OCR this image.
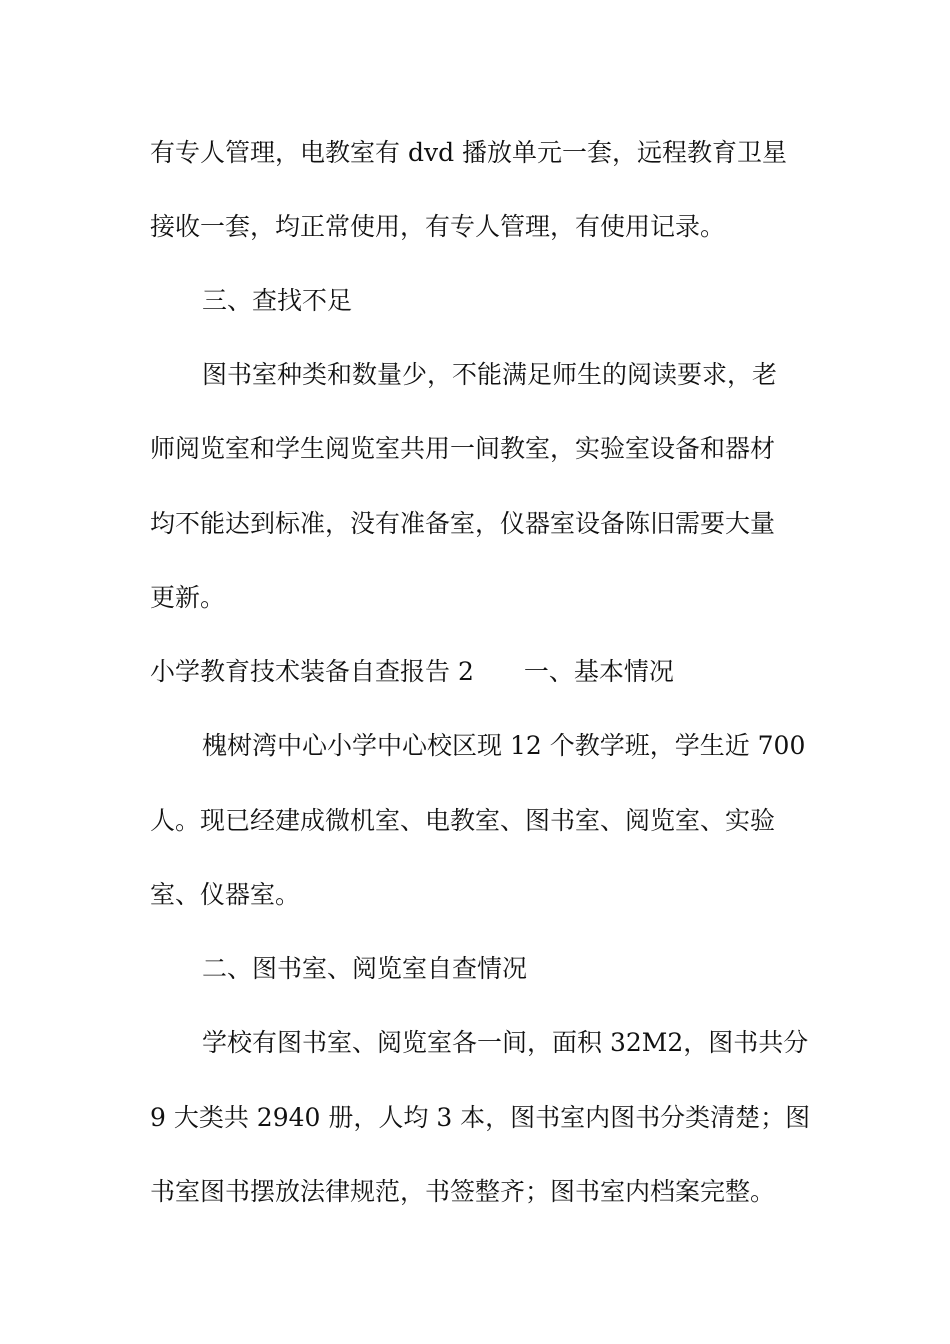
有专人管理，电教室有 dvd 播放单元一套，远程教育卫星
接收一套，均正常使用，有专人管理，有使用记录。
三、查找不足
图书室种类和数量少，不能满足师生的阅读要求，老
师阅览室和学生阅览室共用一间教室，实验室设备和器材
均不能达到标准，没有准备室，仪器室设备陈旧需要大量
更新。
小学教育技术装备自查报告 2 一、基本情况
槐树湾中心小学中心校区现 12 个教学班，学生近 700
人。现已经建成微机室、电教室、图书室、阅览室、实验
室、仪器室。
二、图书室、阅览室自查情况
学校有图书室、阅览室各一间，面积 32M2，图书共分
9 大类共 2940 册，人均 3 本，图书室内图书分类清楚；图
书室图书摆放法律规范，书签整齐；图书室内档案完整。
